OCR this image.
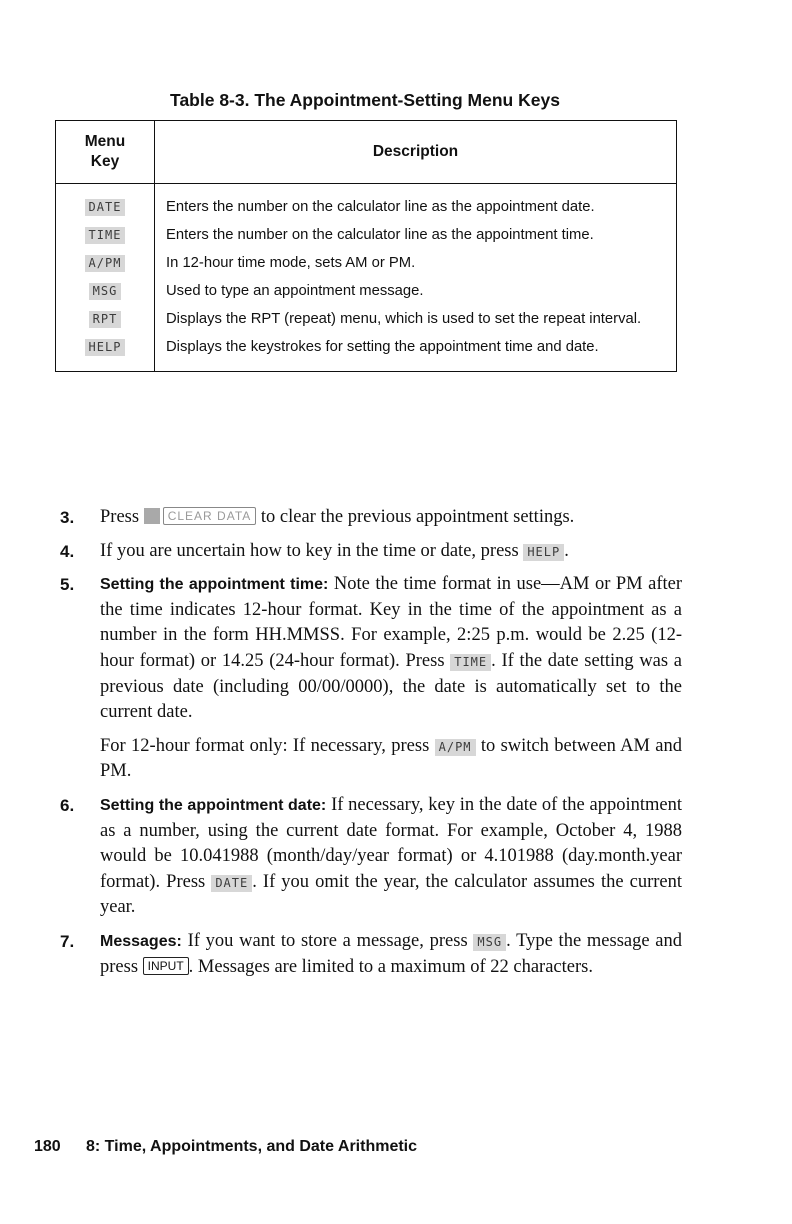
Table 8-3. The Appointment-Setting Menu Keys
Menu Key	Description
DATE	Enters the number on the calculator line as the appointment date.
TIME	Enters the number on the calculator line as the appointment time.
A/PM	In 12-hour time mode, sets AM or PM.
MSG	Used to type an appointment message.
RPT	Displays the RPT (repeat) menu, which is used to set the repeat interval.
HELP	Displays the keystrokes for setting the appointment time and date.
3.	Press CLEAR DATA to clear the previous appointment settings.

4.	If you are uncertain how to key in the time or date, press HELP .

5.	Setting the appointment time: Note the time format in use—AM or PM after the time indicates 12-hour format. Key in the time of the appointment as a number in the form HH.MMSS. For example, 2:25 p.m. would be 2.25 (12-hour format) or 14.25 (24-hour format). Press TIME . If the date setting was a previous date (including 00/00/0000), the date is automatically set to the current date.

For 12-hour format only: If necessary, press A/PM to switch between AM and PM.

6.	Setting the appointment date: If necessary, key in the date of the appointment as a number, using the current date format. For example, October 4, 1988 would be 10.041988 (month/day/year format) or 4.101988 (day.month.year format). Press DATE . If you omit the year, the calculator assumes the current year.

7.	Messages: If you want to store a message, press MSG . Type the message and press INPUT . Messages are limited to a maximum of 22 characters.

180 8: Time, Appointments, and Date Arithmetic
